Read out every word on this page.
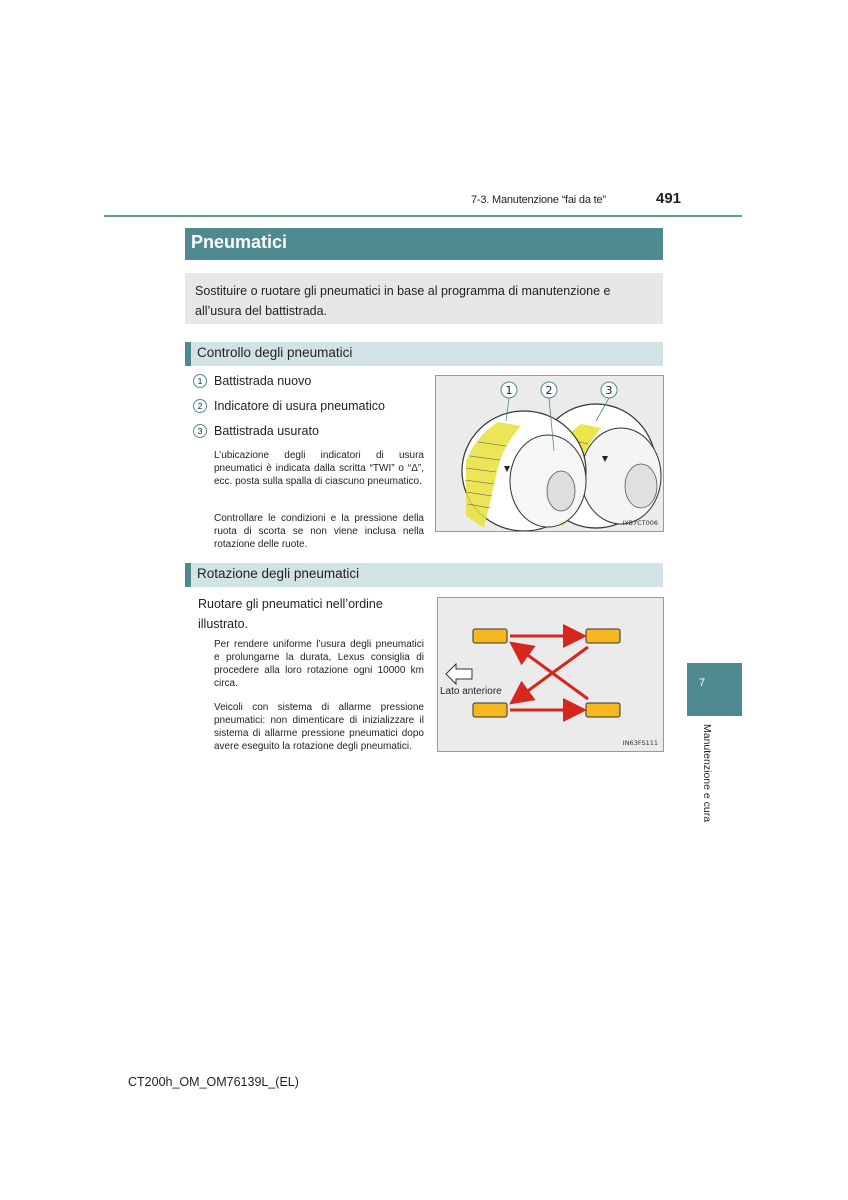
7-3. Manutenzione “fai da te”	491
Pneumatici
Sostituire o ruotare gli pneumatici in base al programma di manutenzione e all’usura del battistrada.
Controllo degli pneumatici
1 Battistrada nuovo
2 Indicatore di usura pneumatico
3 Battistrada usurato
L’ubicazione degli indicatori di usura pneumatici è indicata dalla scritta “TWI” o “Δ”, ecc. posta sulla spalla di ciascuno pneumatico.
Controllare le condizioni e la pressione della ruota di scorta se non viene inclusa nella rotazione delle ruote.
1	2	3
IYB7CT006
Rotazione degli pneumatici
Ruotare gli pneumatici nell’ordine illustrato.
Per rendere uniforme l’usura degli pneumatici e prolungarne la durata, Lexus consiglia di procedere alla loro rotazione ogni 10000 km circa.
Veicoli con sistema di allarme pressione pneumatici: non dimenticare di inizializzare il sistema di allarme pressione pneumatici dopo avere eseguito la rotazione degli pneumatici.
Lato anteriore
IN63FS111
7
Manutenzione e cura
CT200h_OM_OM76139L_(EL)
